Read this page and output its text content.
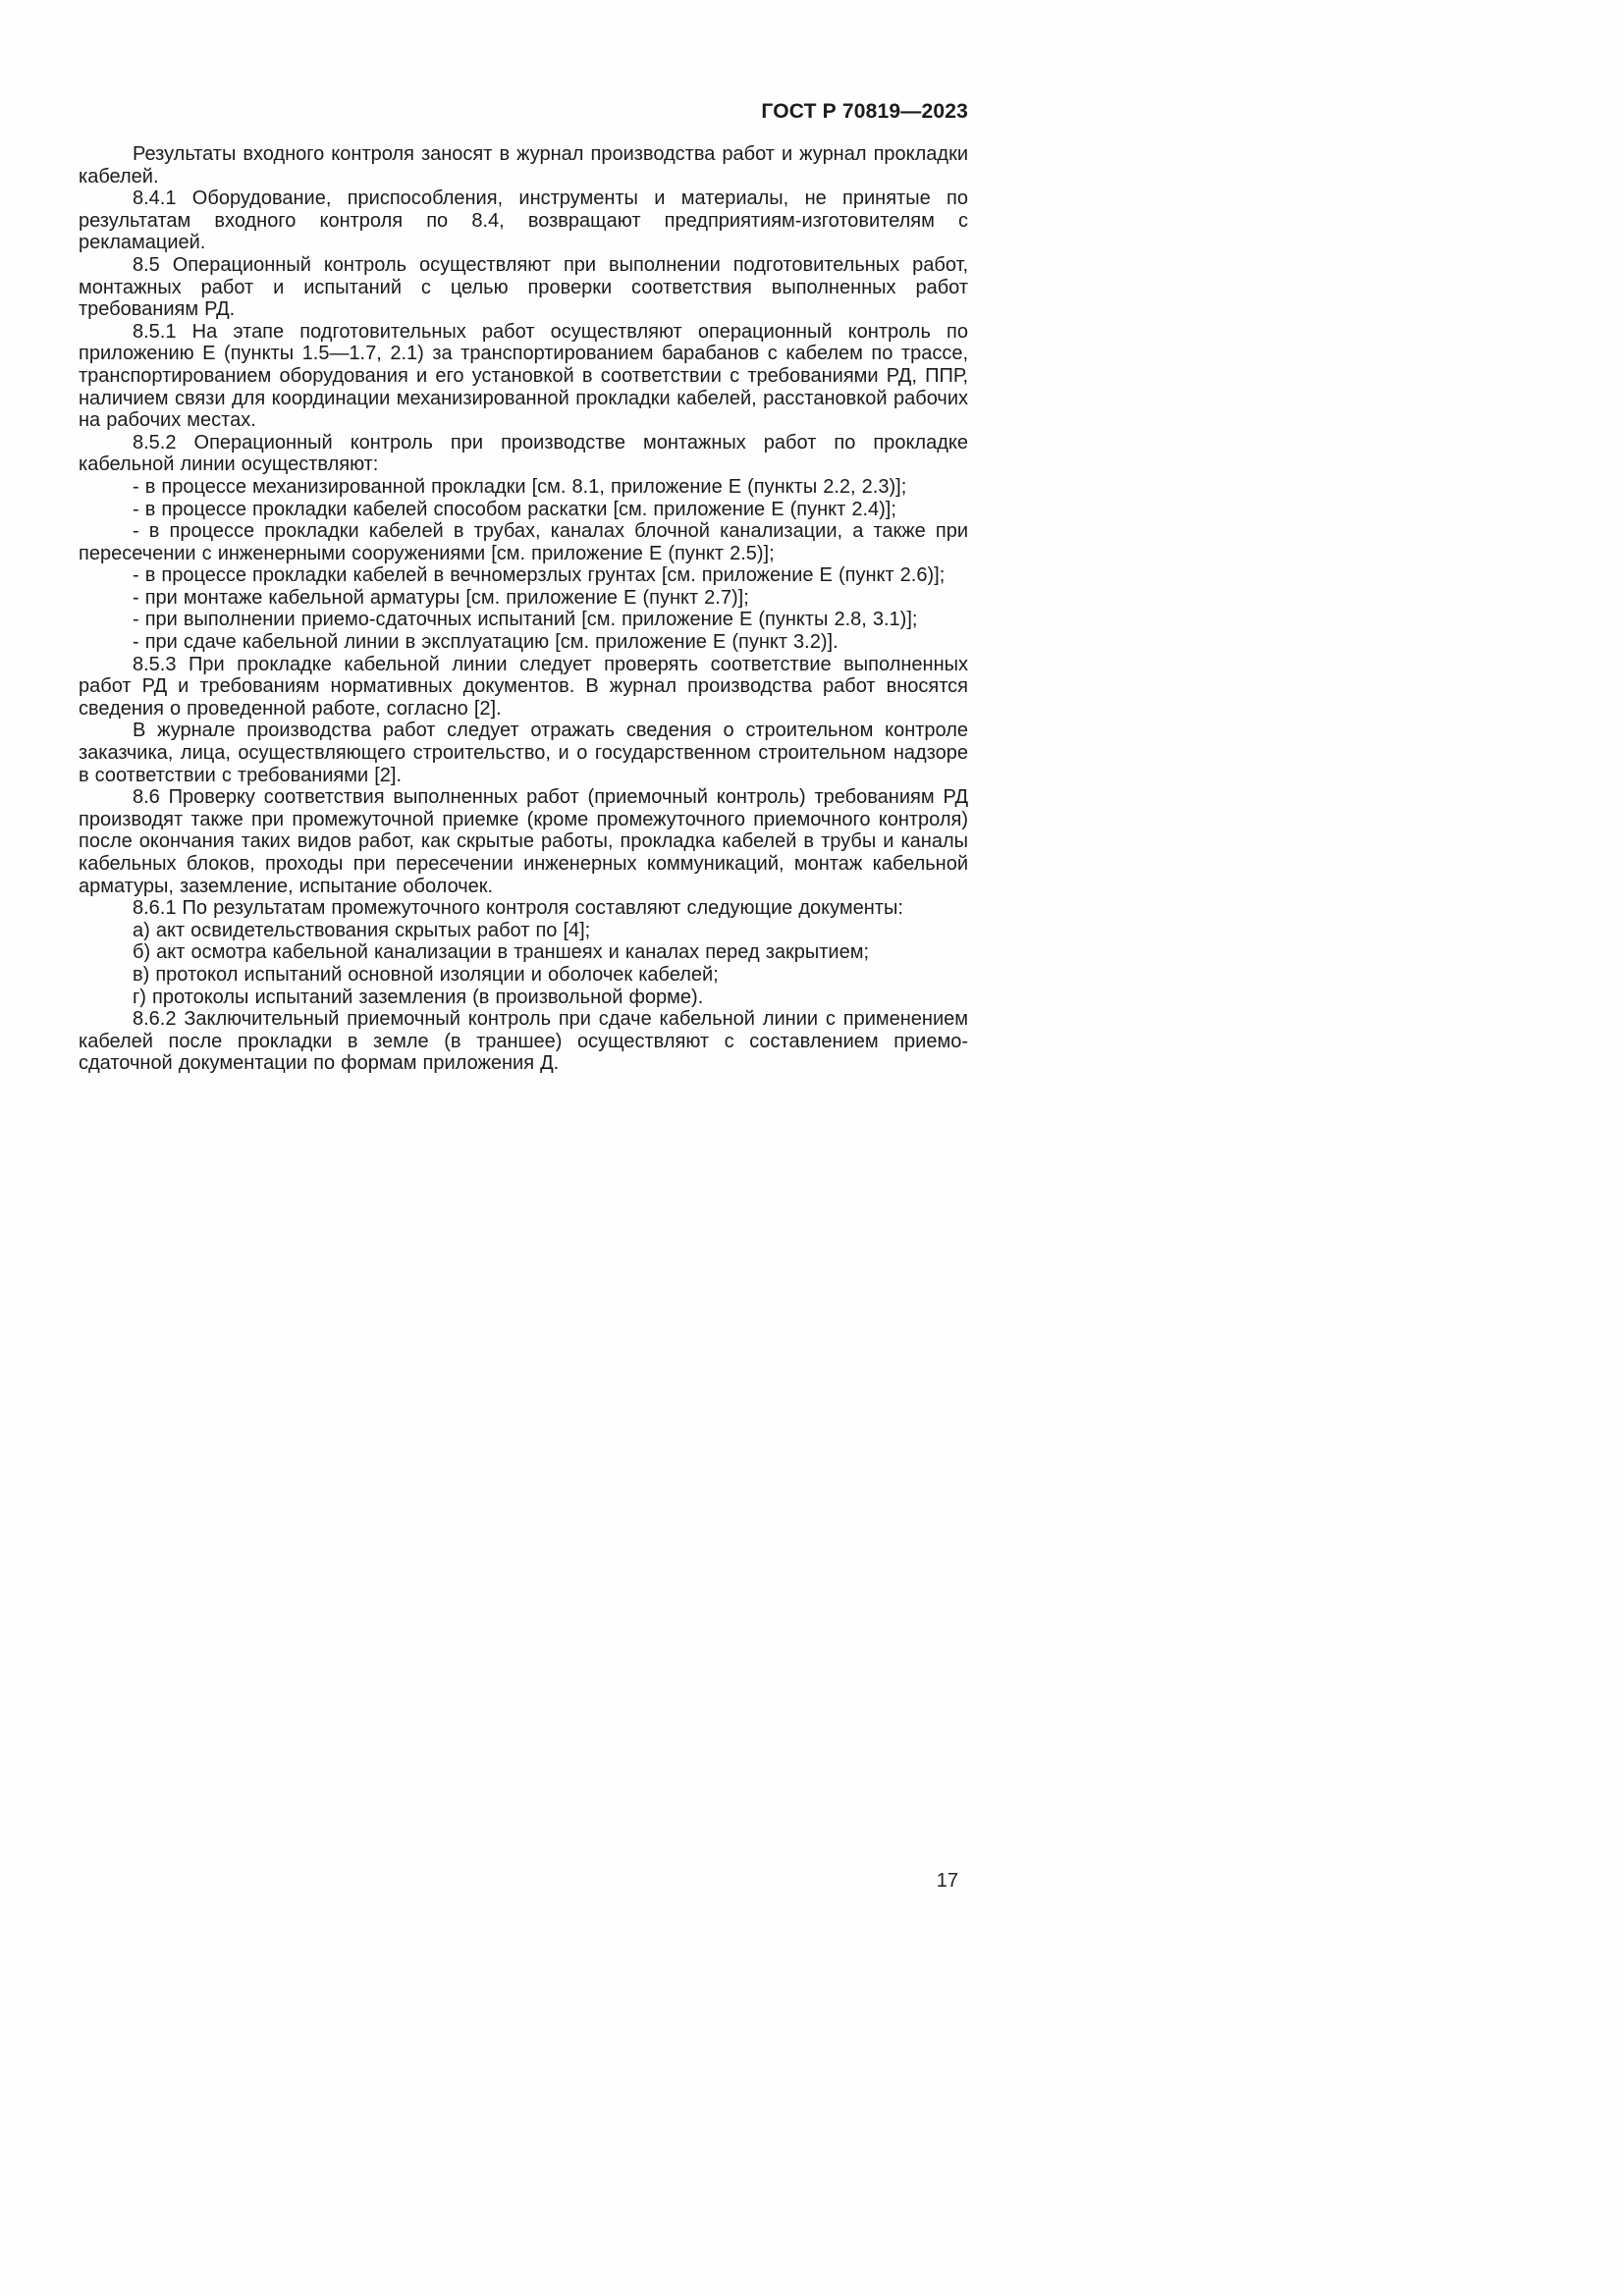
ГОСТ Р 70819—2023

Результаты входного контроля заносят в журнал производства работ и журнал прокладки кабелей.

8.4.1 Оборудование, приспособления, инструменты и материалы, не принятые по результатам входного контроля по 8.4, возвращают предприятиям-изготовителям с рекламацией.

8.5 Операционный контроль осуществляют при выполнении подготовительных работ, монтажных работ и испытаний с целью проверки соответствия выполненных работ требованиям РД.

8.5.1 На этапе подготовительных работ осуществляют операционный контроль по приложению Е (пункты 1.5—1.7, 2.1) за транспортированием барабанов с кабелем по трассе, транспортированием оборудования и его установкой в соответствии с требованиями РД, ППР, наличием связи для координации механизированной прокладки кабелей, расстановкой рабочих на рабочих местах.

8.5.2 Операционный контроль при производстве монтажных работ по прокладке кабельной линии осуществляют:

- в процессе механизированной прокладки [см. 8.1, приложение Е (пункты 2.2, 2.3)];

- в процессе прокладки кабелей способом раскатки [см. приложение Е (пункт 2.4)];

- в процессе прокладки кабелей в трубах, каналах блочной канализации, а также при пересечении с инженерными сооружениями [см. приложение Е (пункт 2.5)];

- в процессе прокладки кабелей в вечномерзлых грунтах [см. приложение Е (пункт 2.6)];

- при монтаже кабельной арматуры [см. приложение Е (пункт 2.7)];

- при выполнении приемо-сдаточных испытаний [см. приложение Е (пункты 2.8, 3.1)];

- при сдаче кабельной линии в эксплуатацию [см. приложение Е (пункт 3.2)].

8.5.3 При прокладке кабельной линии следует проверять соответствие выполненных работ РД и требованиям нормативных документов. В журнал производства работ вносятся сведения о проведенной работе, согласно [2].

В журнале производства работ следует отражать сведения о строительном контроле заказчика, лица, осуществляющего строительство, и о государственном строительном надзоре в соответствии с требованиями [2].

8.6 Проверку соответствия выполненных работ (приемочный контроль) требованиям РД производят также при промежуточной приемке (кроме промежуточного приемочного контроля) после окончания таких видов работ, как скрытые работы, прокладка кабелей в трубы и каналы кабельных блоков, проходы при пересечении инженерных коммуникаций, монтаж кабельной арматуры, заземление, испытание оболочек.

8.6.1 По результатам промежуточного контроля составляют следующие документы:

а) акт освидетельствования скрытых работ по [4];

б) акт осмотра кабельной канализации в траншеях и каналах перед закрытием;

в) протокол испытаний основной изоляции и оболочек кабелей;

г) протоколы испытаний заземления (в произвольной форме).

8.6.2 Заключительный приемочный контроль при сдаче кабельной линии с применением кабелей после прокладки в земле (в траншее) осуществляют с составлением приемо-сдаточной документации по формам приложения Д.

17
